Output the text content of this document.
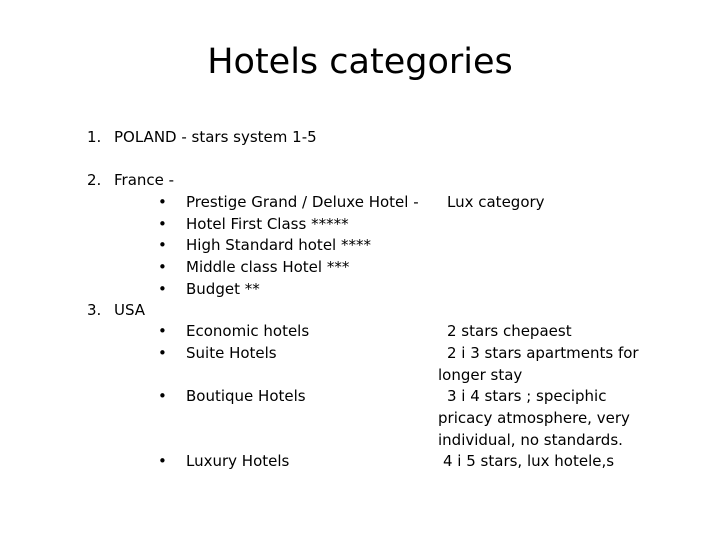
Hotels categories
1. POLAND - stars system 1-5
2. France -
• Prestige Grand / Deluxe Hotel - Lux category
• Hotel First Class *****
• High Standard hotel ****
• Middle class Hotel ***
• Budget **
3. USA
• Economic hotels	2 stars chepaest
• Suite Hotels	2 i 3 stars apartments for
longer stay
• Boutique Hotels	3 i 4 stars ; speciphic
pricacy atmosphere, very
individual, no standards.
• Luxury Hotels	4 i 5 stars, lux hotele,s
